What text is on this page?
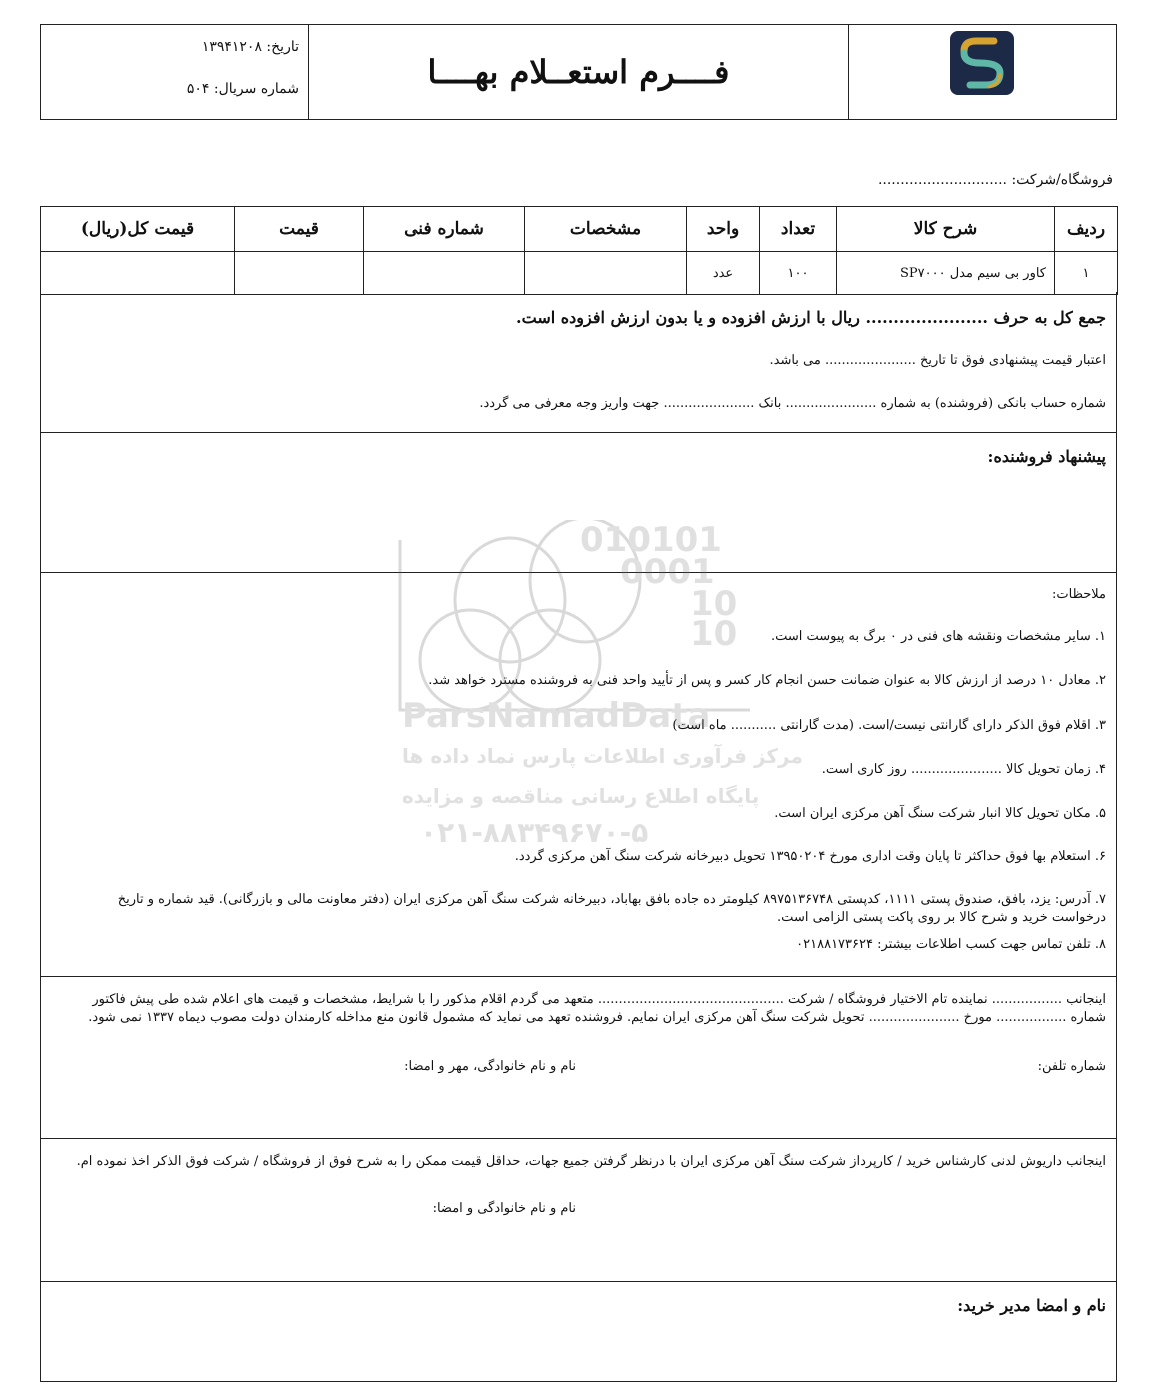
فــــرم استعــلام بهــــا
تاریخ: ۱۳۹۴۱۲۰۸
شماره سریال: ۵۰۴
فروشگاه/شرکت: .............................
ردیف	شرح کالا	تعداد	واحد	مشخصات	شماره فنی	قیمت	قیمت کل(ریال)
۱	کاور بی سیم مدل SP۷۰۰۰	۱۰۰	عدد				
جمع کل به حرف ...................... ریال با ارزش افزوده و یا بدون ارزش افزوده است.
اعتبار قیمت پیشنهادی فوق تا تاریخ ...................... می باشد.
شماره حساب بانکی (فروشنده) به شماره ...................... بانک ...................... جهت واریز وجه معرفی می گردد.
پیشنهاد فروشنده:
ملاحظات:
۱. سایر مشخصات ونقشه های فنی در ۰ برگ به پیوست است.
۲. معادل ۱۰ درصد از ارزش کالا به عنوان ضمانت حسن انجام کار کسر و پس از تأیید واحد فنی به فروشنده مسترد خواهد شد.
۳. اقلام فوق الذکر دارای گارانتی نیست/است. (مدت گارانتی ........... ماه است)
۴. زمان تحویل کالا ...................... روز کاری است.
۵. مکان تحویل کالا انبار شرکت سنگ آهن مرکزی ایران است.
۶. استعلام بها فوق حداکثر تا پایان وقت اداری مورخ ۱۳۹۵۰۲۰۴ تحویل دبیرخانه شرکت سنگ آهن مرکزی گردد.
۷. آدرس: یزد، بافق، صندوق پستی ۱۱۱۱، کدپستی ۸۹۷۵۱۳۶۷۴۸ کیلومتر ده جاده بافق بهاباد، دبیرخانه شرکت سنگ آهن مرکزی ایران (دفتر معاونت مالی و بازرگانی). قید شماره و تاریخ درخواست خرید و شرح کالا بر روی پاکت پستی الزامی است.
۸. تلفن تماس جهت کسب اطلاعات بیشتر: ۰۲۱۸۸۱۷۳۶۲۴
اینجانب ................. نماینده تام الاختیار فروشگاه / شرکت ............................................. متعهد می گردم اقلام مذکور را با شرایط، مشخصات و قیمت های اعلام شده طی پیش فاکتور شماره ................. مورخ ...................... تحویل شرکت سنگ آهن مرکزی ایران نمایم. فروشنده تعهد می نماید که مشمول قانون منع مداخله کارمندان دولت مصوب دیماه ۱۳۳۷ نمی شود.
شماره تلفن:
نام و نام خانوادگی، مهر و امضا:
اینجانب داریوش لدنی کارشناس خرید / کارپرداز شرکت سنگ آهن مرکزی ایران با درنظر گرفتن جمیع جهات، حداقل قیمت ممکن را به شرح فوق از فروشگاه / شرکت فوق الذکر اخذ نموده ام.
نام و نام خانوادگی و امضا:
نام و امضا مدیر خرید:
010101
0001
10
10
ParsNamadData
مرکز فرآوری اطلاعات پارس نماد داده ها
پایگاه اطلاع رسانی مناقصه و مزایده
۰۲۱-۸۸۳۴۹۶۷۰-۵
